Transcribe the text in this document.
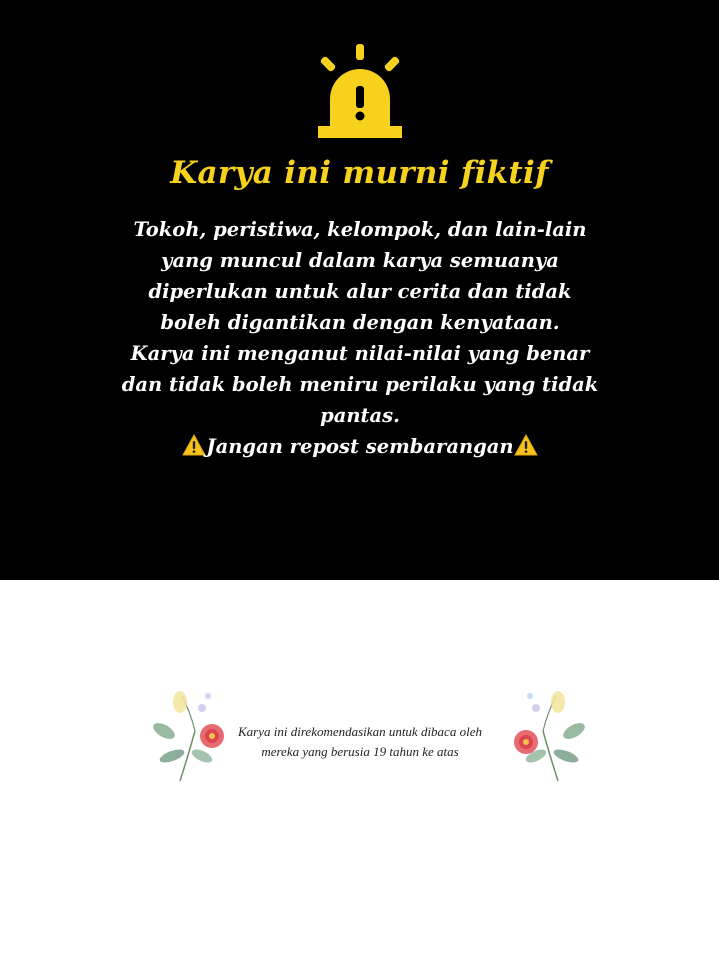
Karya ini murni fiktif
Tokoh, peristiwa, kelompok, dan lain-lain
yang muncul dalam karya semuanya
diperlukan untuk alur cerita dan tidak
boleh digantikan dengan kenyataan.
Karya ini menganut nilai-nilai yang benar
dan tidak boleh meniru perilaku yang tidak
pantas.
Jangan repost sembarangan
Karya ini direkomendasikan untuk dibaca oleh
mereka yang berusia 19 tahun ke atas
